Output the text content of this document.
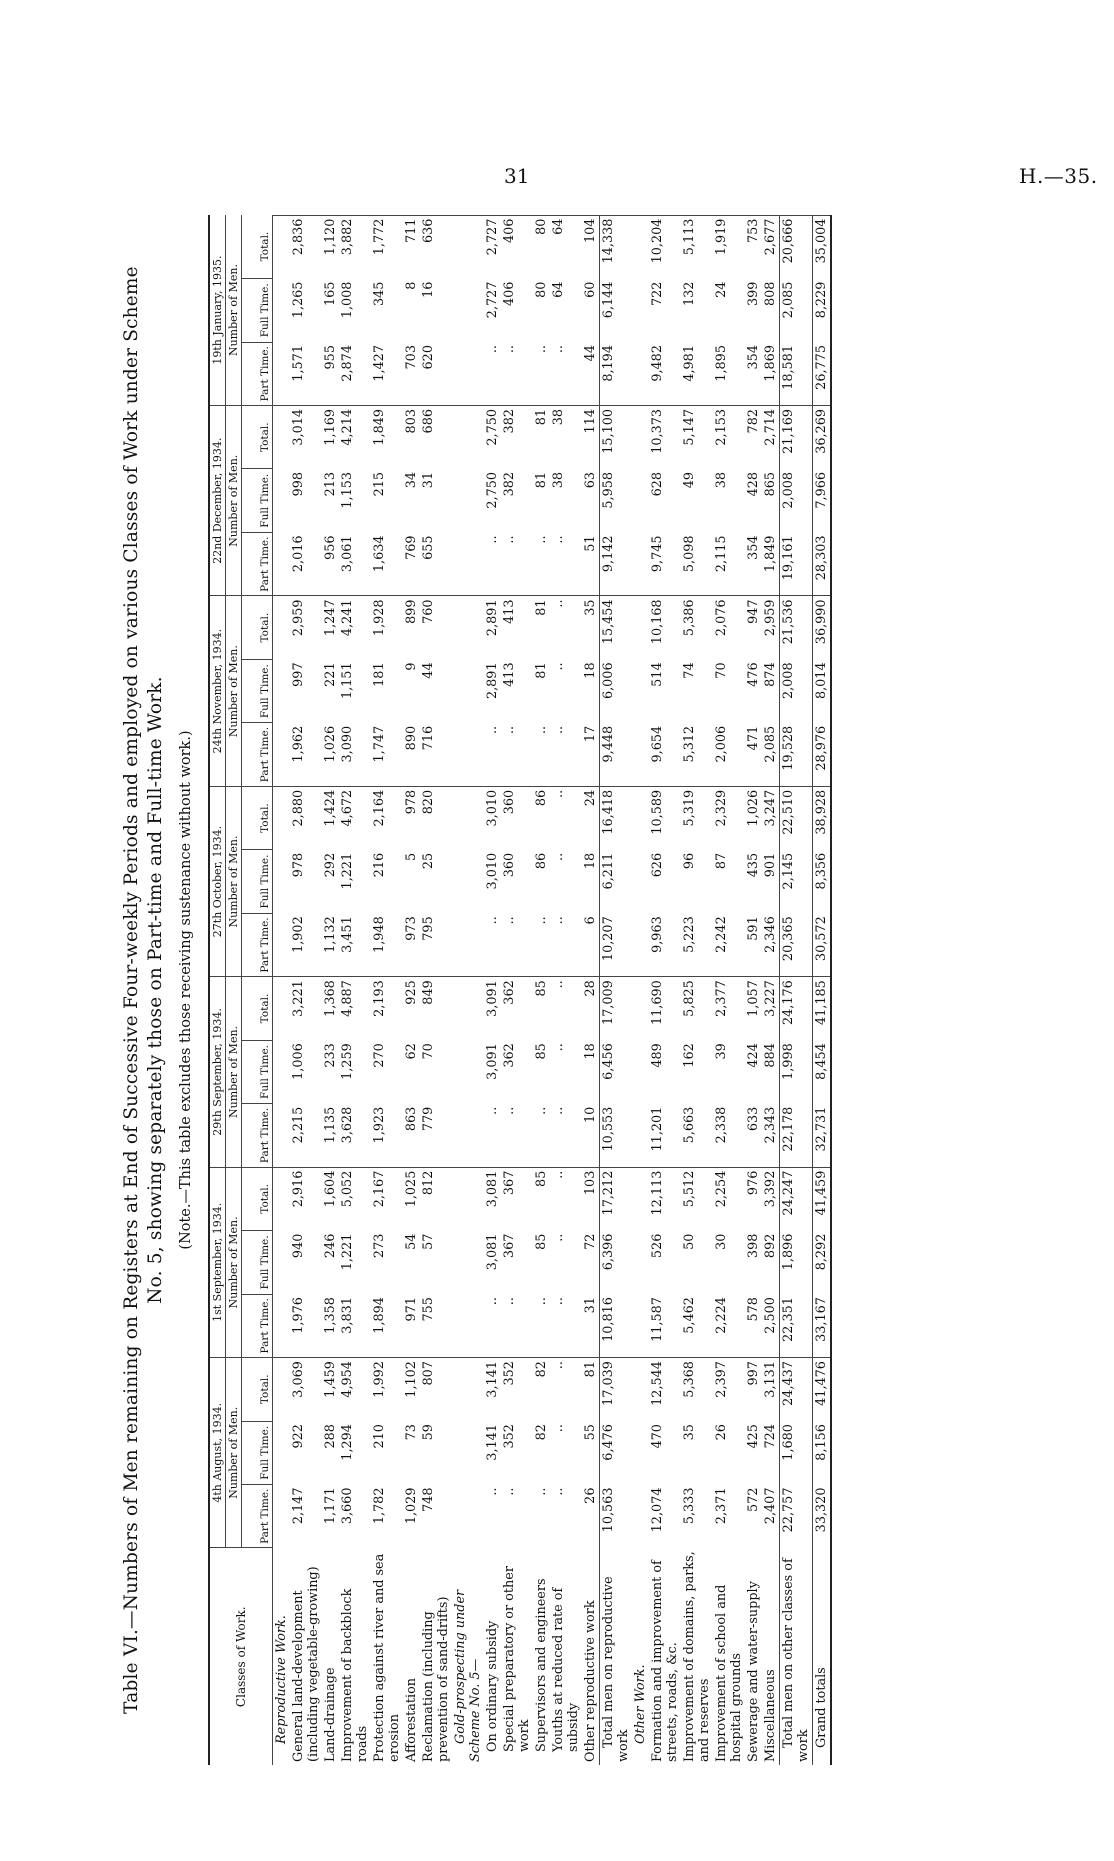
31	H.—35.
Table VI.—Numbers of Men remaining on Registers at End of Successive Four-weekly Periods and employed on various Classes of Work under Scheme No. 5, showing separately those on Part-time and Full-time Work. (Note.—This table excludes those receiving sustenance without work.)
Classes of Work.	4th August, 1934.			1st September, 1934.			29th September, 1934.			27th October, 1934.			24th November, 1934.			22nd December, 1934.			19th January, 1935.		
	Number of Men.			Number of Men.			Number of Men.			Number of Men.			Number of Men.			Number of Men.			Number of Men.		
	Part Time.	Full Time.	Total.	Part Time.	Full Time.	Total.	Part Time.	Full Time.	Total.	Part Time.	Full Time.	Total.	Part Time.	Full Time.	Total.	Part Time.	Full Time.	Total.	Part Time.	Full Time.	Total.
Reproductive Work.																					
General land-development (including vegetable-growing)	2,147	922	3,069	1,976	940	2,916	2,215	1,006	3,221	1,902	978	2,880	1,962	997	2,959	2,016	998	3,014	1,571	1,265	2,836
Land-drainage	1,171	288	1,459	1,358	246	1,604	1,135	233	1,368	1,132	292	1,424	1,026	221	1,247	956	213	1,169	955	165	1,120
Improvement of backblock roads	3,660	1,294	4,954	3,831	1,221	5,052	3,628	1,259	4,887	3,451	1,221	4,672	3,090	1,151	4,241	3,061	1,153	4,214	2,874	1,008	3,882
Protection against river and sea erosion	1,782	210	1,992	1,894	273	2,167	1,923	270	2,193	1,948	216	2,164	1,747	181	1,928	1,634	215	1,849	1,427	345	1,772
Afforestation	1,029	73	1,102	971	54	1,025	863	62	925	973	5	978	890	9	899	769	34	803	703	8	711
Reclamation (including prevention of sand-drifts)	748	59	807	755	57	812	779	70	849	795	25	820	716	44	760	655	31	686	620	16	636
Gold-prospecting under Scheme No. 5—																					
On ordinary subsidy	..	3,141	3,141	..	3,081	3,081	..	3,091	3,091	..	3,010	3,010	..	2,891	2,891	..	2,750	2,750	..	2,727	2,727
Special preparatory or other work	..	352	352	..	367	367	..	362	362	..	360	360	..	413	413	..	382	382	..	406	406
Supervisors and engineers	..	82	82	..	85	85	..	85	85	..	86	86	..	81	81	..	81	81	..	80	80
Youths at reduced rate of subsidy	..	..	..	..	..	..	..	..	..	..	..	..	..	..	..	..	38	38	..	64	64
Other reproductive work	26	55	81	31	72	103	10	18	28	6	18	24	17	18	35	51	63	114	44	60	104
Total men on reproductive work	10,563	6,476	17,039	10,816	6,396	17,212	10,553	6,456	17,009	10,207	6,211	16,418	9,448	6,006	15,454	9,142	5,958	15,100	8,194	6,144	14,338
Other Work.																					
Formation and improvement of streets, roads, &c.	12,074	470	12,544	11,587	526	12,113	11,201	489	11,690	9,963	626	10,589	9,654	514	10,168	9,745	628	10,373	9,482	722	10,204
Improvement of domains, parks, and reserves	5,333	35	5,368	5,462	50	5,512	5,663	162	5,825	5,223	96	5,319	5,312	74	5,386	5,098	49	5,147	4,981	132	5,113
Improvement of school and hospital grounds	2,371	26	2,397	2,224	30	2,254	2,338	39	2,377	2,242	87	2,329	2,006	70	2,076	2,115	38	2,153	1,895	24	1,919
Sewerage and water-supply	572	425	997	578	398	976	633	424	1,057	591	435	1,026	471	476	947	354	428	782	354	399	753
Miscellaneous	2,407	724	3,131	2,500	892	3,392	2,343	884	3,227	2,346	901	3,247	2,085	874	2,959	1,849	865	2,714	1,869	808	2,677
Total men on other classes of work	22,757	1,680	24,437	22,351	1,896	24,247	22,178	1,998	24,176	20,365	2,145	22,510	19,528	2,008	21,536	19,161	2,008	21,169	18,581	2,085	20,666
Grand totals	33,320	8,156	41,476	33,167	8,292	41,459	32,731	8,454	41,185	30,572	8,356	38,928	28,976	8,014	36,990	28,303	7,966	36,269	26,775	8,229	35,004
